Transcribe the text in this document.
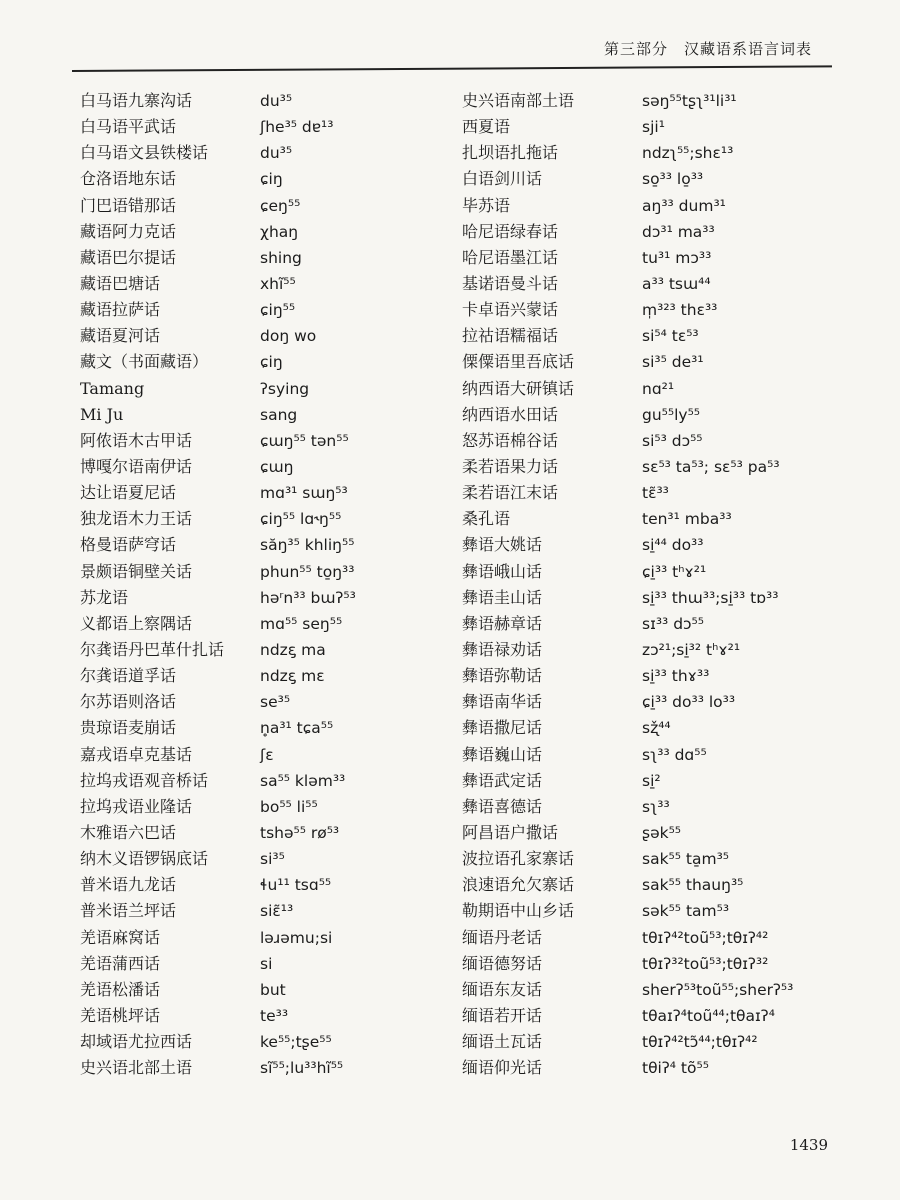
第三部分　汉藏语系语言词表
白马语九寨沟话	du³⁵
白马语平武话	ʃhe³⁵ dɐ¹³
白马语文县铁楼话	du³⁵
仓洛语地东话	ɕiŋ
门巴语错那话	ɕeŋ⁵⁵
藏语阿力克话	χhaŋ
藏语巴尔提话	shing
藏语巴塘话	xhĩ⁵⁵
藏语拉萨话	ɕiŋ⁵⁵
藏语夏河话	doŋ wo
藏文（书面藏语）	ɕiŋ
Tamang	ʔsying
Mi Ju	sang
阿侬语木古甲话	ɕɯŋ⁵⁵ tən⁵⁵
博嘎尔语南伊话	ɕɯŋ
达让语夏尼话	mɑ³¹ sɯŋ⁵³
独龙语木力王话	ɕiŋ⁵⁵ lɑ˞ŋ⁵⁵
格曼语萨穹话	săŋ³⁵ khliŋ⁵⁵
景颇语铜壁关话	phun⁵⁵ to̱ŋ³³
苏龙语	həʳn³³ bɯʔ⁵³
义都语上察隅话	mɑ⁵⁵ seŋ⁵⁵
尔龚语丹巴革什扎话	ndzɛ̡ ma
尔龚语道孚话	ndzɛ̡ mɛ
尔苏语则洛话	se³⁵
贵琼语麦崩话	n̥a³¹ tɕa⁵⁵
嘉戎语卓克基话	ʃɛ
拉坞戎语观音桥话	sa⁵⁵ kləm³³
拉坞戎语业隆话	bo⁵⁵ li⁵⁵
木雅语六巴话	tshə⁵⁵ rø⁵³
纳木义语锣锅底话	si³⁵
普米语九龙话	ɬu¹¹ tsɑ⁵⁵
普米语兰坪话	siɛ̃¹³
羌语麻窝话	ləɹəmu;si
羌语蒲西话	si
羌语松潘话	but
羌语桃坪话	te³³
却域语尤拉西话	ke⁵⁵;tʂe⁵⁵
史兴语北部土语	sĩ⁵⁵;lu³³hĩ⁵⁵
史兴语南部土语	səŋ⁵⁵tʂʅ³¹li³¹
西夏语	sji¹
扎坝语扎拖话	ndzʅ⁵⁵;shɛ¹³
白语剑川话	so̱³³ lo̱³³
毕苏语	aŋ³³ dum³¹
哈尼语绿春话	dɔ³¹ ma³³
哈尼语墨江话	tu³¹ mɔ³³
基诺语曼斗话	a³³ tsɯ⁴⁴
卡卓语兴蒙话	m̩³²³ thɛ³³
拉祜语糯福话	si⁵⁴ tɛ⁵³
傈僳语里吾底话	si³⁵ de³¹
纳西语大研镇话	nɑ²¹
纳西语水田话	gu⁵⁵ly⁵⁵
怒苏语棉谷话	si⁵³ dɔ⁵⁵
柔若语果力话	sɛ⁵³ ta⁵³; sɛ⁵³ pa⁵³
柔若语江末话	tɛ̃³³
桑孔语	ten³¹ mba³³
彝语大姚话	si̱⁴⁴ do³³
彝语峨山话	ɕi̱³³ tʰɤ²¹
彝语圭山话	si̱³³ thɯ³³;si̱³³ tɒ³³
彝语赫章话	sɪ³³ dɔ⁵⁵
彝语禄劝话	zɔ²¹;si̱³² tʰɤ²¹
彝语弥勒话	si̱³³ thɤ³³
彝语南华话	ɕi̱³³ do³³ lo³³
彝语撒尼话	sʐ̌⁴⁴
彝语巍山话	sʅ³³ dɑ⁵⁵
彝语武定话	si̱²
彝语喜德话	sʅ³³
阿昌语户撒话	ʂək⁵⁵
波拉语孔家寨话	sak⁵⁵ ta̱m³⁵
浪速语允欠寨话	sak⁵⁵ thauŋ³⁵
勒期语中山乡话	sək⁵⁵ tam⁵³
缅语丹老话	tθɪʔ⁴²toũ⁵³;tθɪʔ⁴²
缅语德努话	tθɪʔ³²toũ⁵³;tθɪʔ³²
缅语东友话	sherʔ⁵³toũ⁵⁵;sherʔ⁵³
缅语若开话	tθaɪʔ⁴toũ⁴⁴;tθaɪʔ⁴
缅语土瓦话	tθɪʔ⁴²tɔ̃⁴⁴;tθɪʔ⁴²
缅语仰光话	tθiʔ⁴ tõ⁵⁵
1439
